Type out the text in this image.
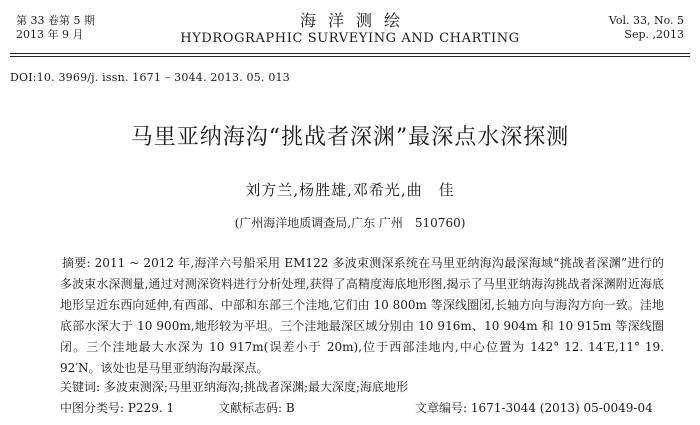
第 33 卷第 5 期
2013 年 9 月
海洋测绘
HYDROGRAPHIC SURVEYING AND CHARTING
Vol. 33, No. 5
Sep. ,2013
DOI:10. 3969/j. issn. 1671 – 3044. 2013. 05. 013
马里亚纳海沟“挑战者深渊”最深点水深探测
刘方兰,杨胜雄,邓希光,曲　佳
(广州海洋地质调查局,广东 广州　510760)

摘要: 2011 ~ 2012 年,海洋六号船采用 EM122 多波束测深系统在马里亚纳海沟最深海域“挑战者深渊”进行的多波束水深测量,通过对测深资料进行分析处理,获得了高精度海底地形图,揭示了马里亚纳海沟挑战者深渊附近海底地形呈近东西向延伸,有西部、中部和东部三个洼地,它们由 10 800m 等深线圈闭,长轴方向与海沟方向一致。洼地底部水深大于 10 900m,地形较为平坦。三个洼地最深区域分别由 10 916m、10 904m 和 10 915m 等深线圈闭。三个洼地最大水深为 10 917m(误差小于 20m),位于西部洼地内,中心位置为 142° 12. 14′E,11° 19. 92′N。该处也是马里亚纳海沟最深点。

关键词: 多波束测深;马里亚纳海沟;挑战者深渊;最大深度;海底地形
中图分类号: P229. 1	文献标志码: B	文章编号: 1671-3044 (2013) 05-0049-04
